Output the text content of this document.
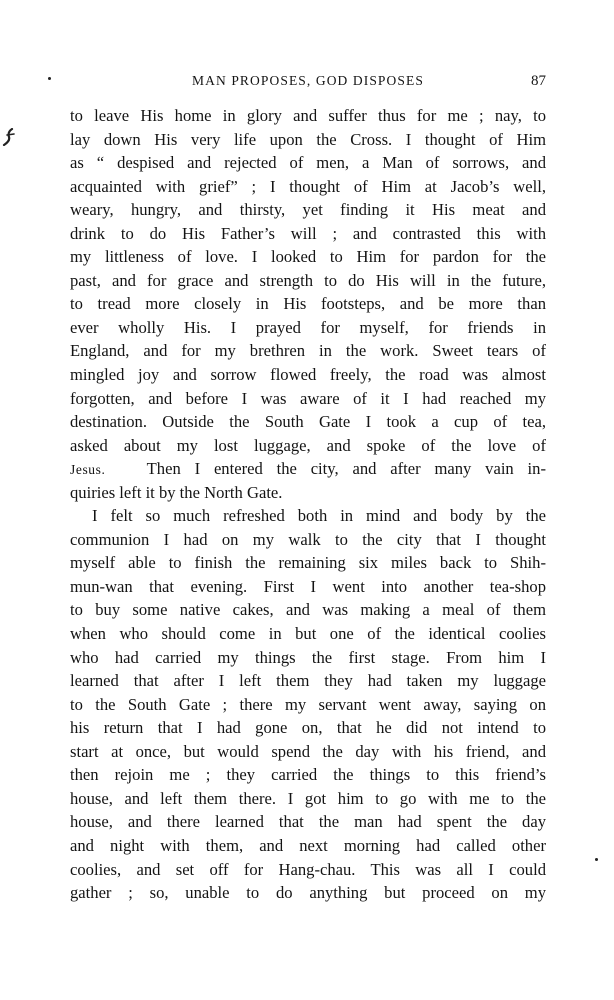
MAN PROPOSES, GOD DISPOSES	87
to leave His home in glory and suffer thus for me ; nay, to
lay down His very life upon the Cross. I thought of Him
as “ despised and rejected of men, a Man of sorrows, and
acquainted with grief” ; I thought of Him at Jacob’s well,
weary, hungry, and thirsty, yet finding it His meat and
drink to do His Father’s will ; and contrasted this with
my littleness of love. I looked to Him for pardon for the
past, and for grace and strength to do His will in the future,
to tread more closely in His footsteps, and be more than
ever wholly His. I prayed for myself, for friends in
England, and for my brethren in the work. Sweet tears of
mingled joy and sorrow flowed freely, the road was almost
forgotten, and before I was aware of it I had reached my
destination. Outside the South Gate I took a cup of tea,
asked about my lost luggage, and spoke of the love of
Jesus. Then I entered the city, and after many vain in-
quiries left it by the North Gate.
I felt so much refreshed both in mind and body by the
communion I had on my walk to the city that I thought
myself able to finish the remaining six miles back to Shih-
mun-wan that evening. First I went into another tea-shop
to buy some native cakes, and was making a meal of them
when who should come in but one of the identical coolies
who had carried my things the first stage. From him I
learned that after I left them they had taken my luggage
to the South Gate ; there my servant went away, saying on
his return that I had gone on, that he did not intend to
start at once, but would spend the day with his friend, and
then rejoin me ; they carried the things to this friend’s
house, and left them there. I got him to go with me to the
house, and there learned that the man had spent the day
and night with them, and next morning had called other
coolies, and set off for Hang-chau. This was all I could
gather ; so, unable to do anything but proceed on my
